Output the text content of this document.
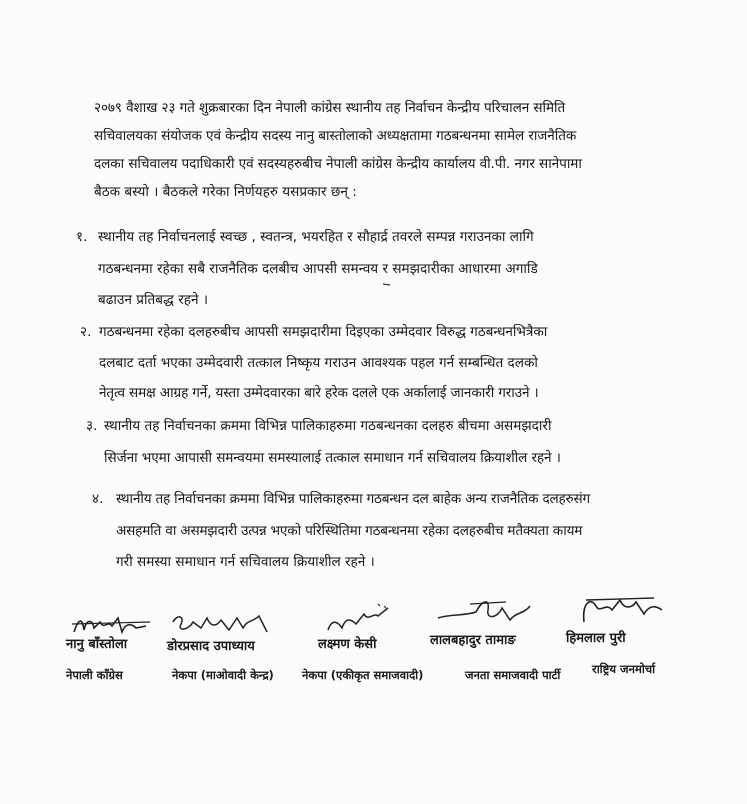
२०७९ वैशाख २३ गते शुक्रबारका दिन नेपाली कांग्रेस स्थानीय तह निर्वाचन केन्द्रीय परिचालन समिति
सचिवालयका संयोजक एवं केन्द्रीय सदस्य नानु बास्तोलाको अध्यक्षतामा गठबन्धनमा सामेल राजनैतिक
दलका सचिवालय पदाधिकारी एवं सदस्यहरुबीच नेपाली कांग्रेस केन्द्रीय कार्यालय वी.पी. नगर सानेपामा
बैठक बस्यो । बैठकले गरेका निर्णयहरु यसप्रकार छन् :

१. स्थानीय तह निर्वाचनलाई स्वच्छ , स्वतन्त्र, भयरहित र सौहार्द्र तवरले सम्पन्न गराउनका लागि
गठबन्धनमा रहेका सबै राजनैतिक दलबीच आपसी समन्वय र समझदारीका आधारमा अगाडि
बढाउन प्रतिबद्ध रहने ।
२. गठबन्धनमा रहेका दलहरुबीच आपसी समझदारीमा दिइएका उम्मेदवार विरुद्ध गठबन्धनभित्रैका
दलबाट दर्ता भएका उम्मेदवारी तत्काल निष्कृय गराउन आवश्यक पहल गर्न सम्बन्धित दलको
नेतृत्व समक्ष आग्रह गर्ने, यस्ता उम्मेदवारका बारे हरेक दलले एक अर्कालाई जानकारी गराउने ।
३. स्थानीय तह निर्वाचनका क्रममा विभिन्न पालिकाहरुमा गठबन्धनका दलहरु बीचमा असमझदारी
सिर्जना भएमा आपासी समन्वयमा समस्यालाई तत्काल समाधान गर्न सचिवालय क्रियाशील रहने ।
४. स्थानीय तह निर्वाचनका क्रममा विभिन्न पालिकाहरुमा गठबन्धन दल बाहेक अन्य राजनैतिक दलहरुसंग
असहमति वा असमझदारी उत्पन्न भएको परिस्थितिमा गठबन्धनमा रहेका दलहरुबीच मतैक्यता कायम
गरी समस्या समाधान गर्न सचिवालय क्रियाशील रहने ।
नानु बाँस्तोला	डोरप्रसाद उपाध्याय	लक्ष्मण केसी	लालबहादुर तामाङ	हिमलाल पुरी
नेपाली काँग्रेस	नेकपा (माओवादी केन्द्र) नेकपा (एकीकृत समाजवादी)	जनता समाजवादी पार्टी	राष्ट्रिय जनमोर्चा
